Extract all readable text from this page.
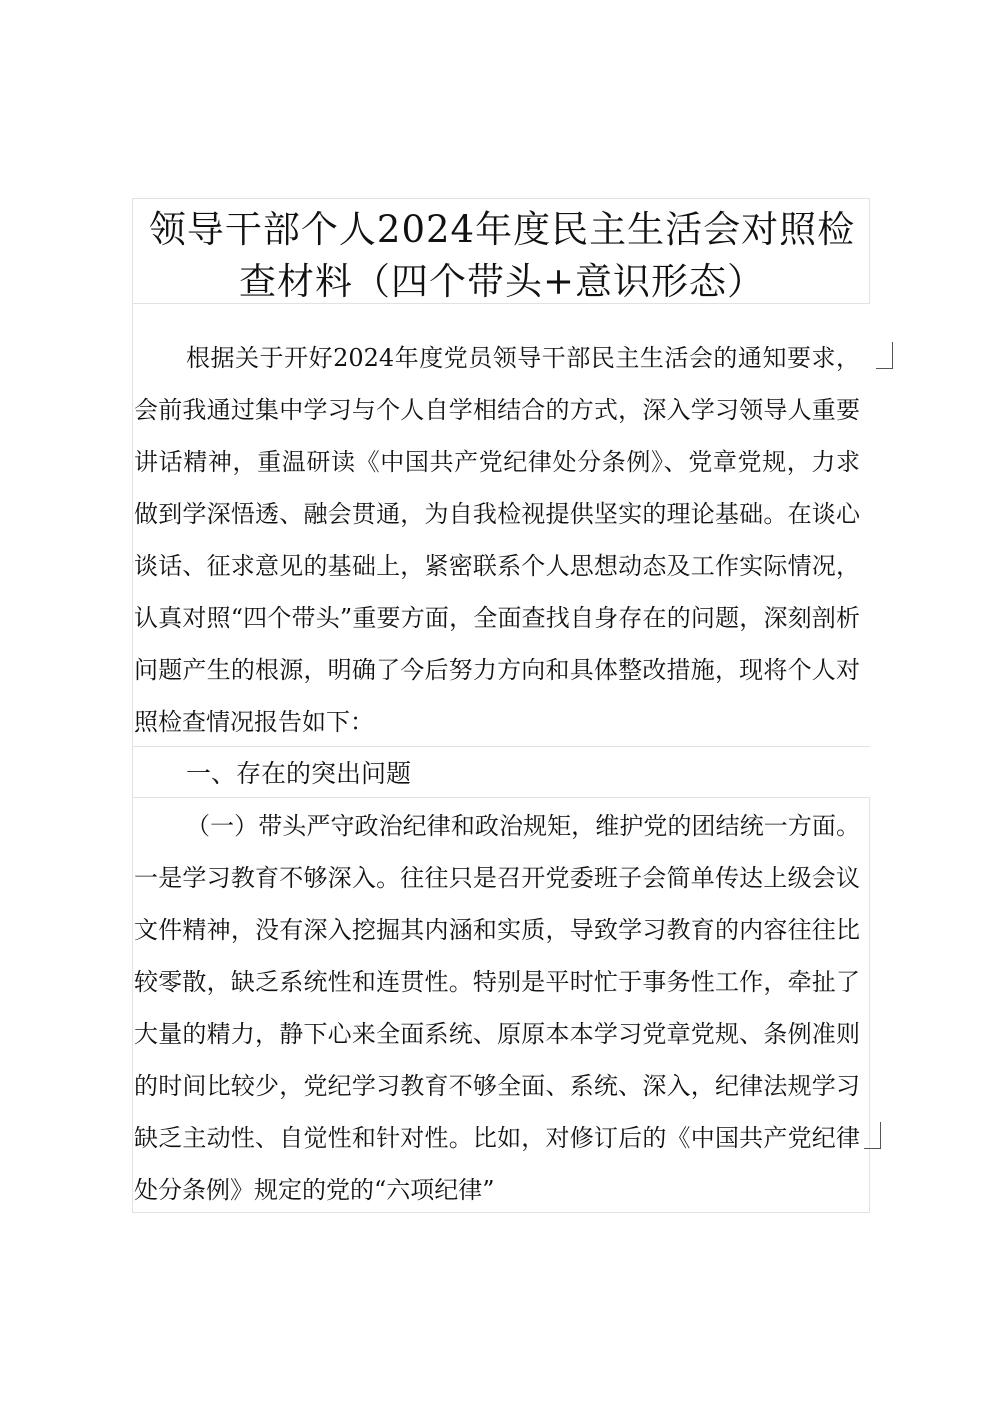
领导干部个人2024年度民主生活会对照检查材料（四个带头+意识形态）

根据关于开好2024年度党员领导干部民主生活会的通知要求，会前我通过集中学习与个人自学相结合的方式，深入学习领导人重要讲话精神，重温研读《中国共产党纪律处分条例》、党章党规，力求做到学深悟透、融会贯通，为自我检视提供坚实的理论基础。在谈心谈话、征求意见的基础上，紧密联系个人思想动态及工作实际情况，认真对照“四个带头”重要方面，全面查找自身存在的问题，深刻剖析问题产生的根源，明确了今后努力方向和具体整改措施，现将个人对照检查情况报告如下：

一、存在的突出问题

（一）带头严守政治纪律和政治规矩，维护党的团结统一方面。一是学习教育不够深入。往往只是召开党委班子会简单传达上级会议文件精神，没有深入挖掘其内涵和实质，导致学习教育的内容往往比较零散，缺乏系统性和连贯性。特别是平时忙于事务性工作，牵扯了大量的精力，静下心来全面系统、原原本本学习党章党规、条例准则的时间比较少，党纪学习教育不够全面、系统、深入，纪律法规学习缺乏主动性、自觉性和针对性。比如，对修订后的《中国共产党纪律处分条例》规定的党的“六项纪律”
